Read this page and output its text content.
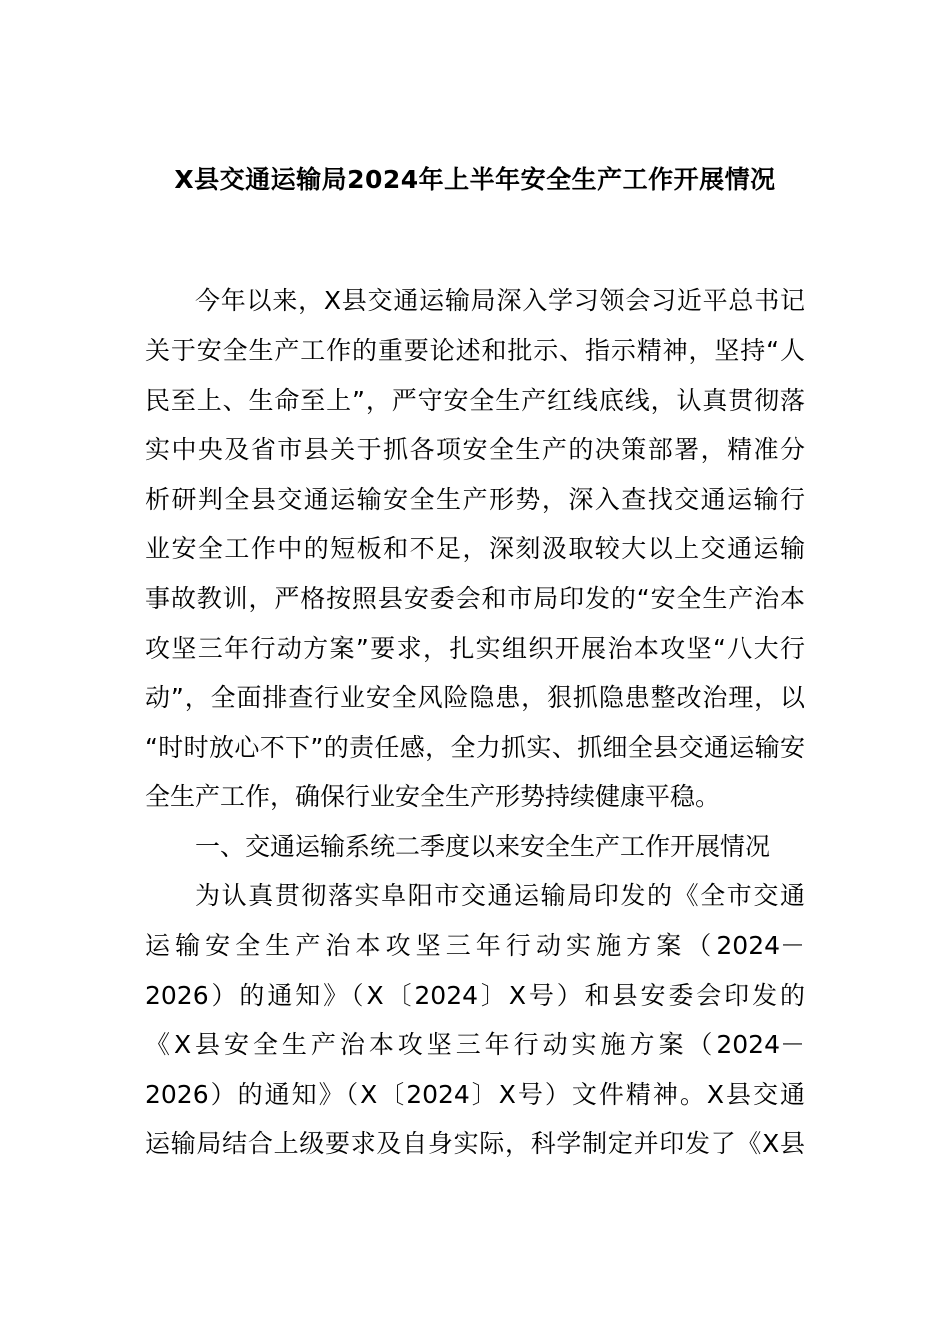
X县交通运输局2024年上半年安全生产工作开展情况
今年以来，X县交通运输局深入学习领会习近平总书记
关于安全生产工作的重要论述和批示、指示精神，坚持“人
民至上、生命至上”，严守安全生产红线底线，认真贯彻落
实中央及省市县关于抓各项安全生产的决策部署，精准分
析研判全县交通运输安全生产形势，深入查找交通运输行
业安全工作中的短板和不足，深刻汲取较大以上交通运输
事故教训，严格按照县安委会和市局印发的“安全生产治本
攻坚三年行动方案”要求，扎实组织开展治本攻坚“八大行
动”，全面排查行业安全风险隐患，狠抓隐患整改治理，以
“时时放心不下”的责任感，全力抓实、抓细全县交通运输安
全生产工作，确保行业安全生产形势持续健康平稳。
一、交通运输系统二季度以来安全生产工作开展情况
为认真贯彻落实阜阳市交通运输局印发的《全市交通
运输安全生产治本攻坚三年行动实施方案（2024－
2026）的通知》（X〔2024〕X号）和县安委会印发的
《X县安全生产治本攻坚三年行动实施方案（2024－
2026）的通知》（X〔2024〕X号）文件精神。X县交通
运输局结合上级要求及自身实际，科学制定并印发了《X县
